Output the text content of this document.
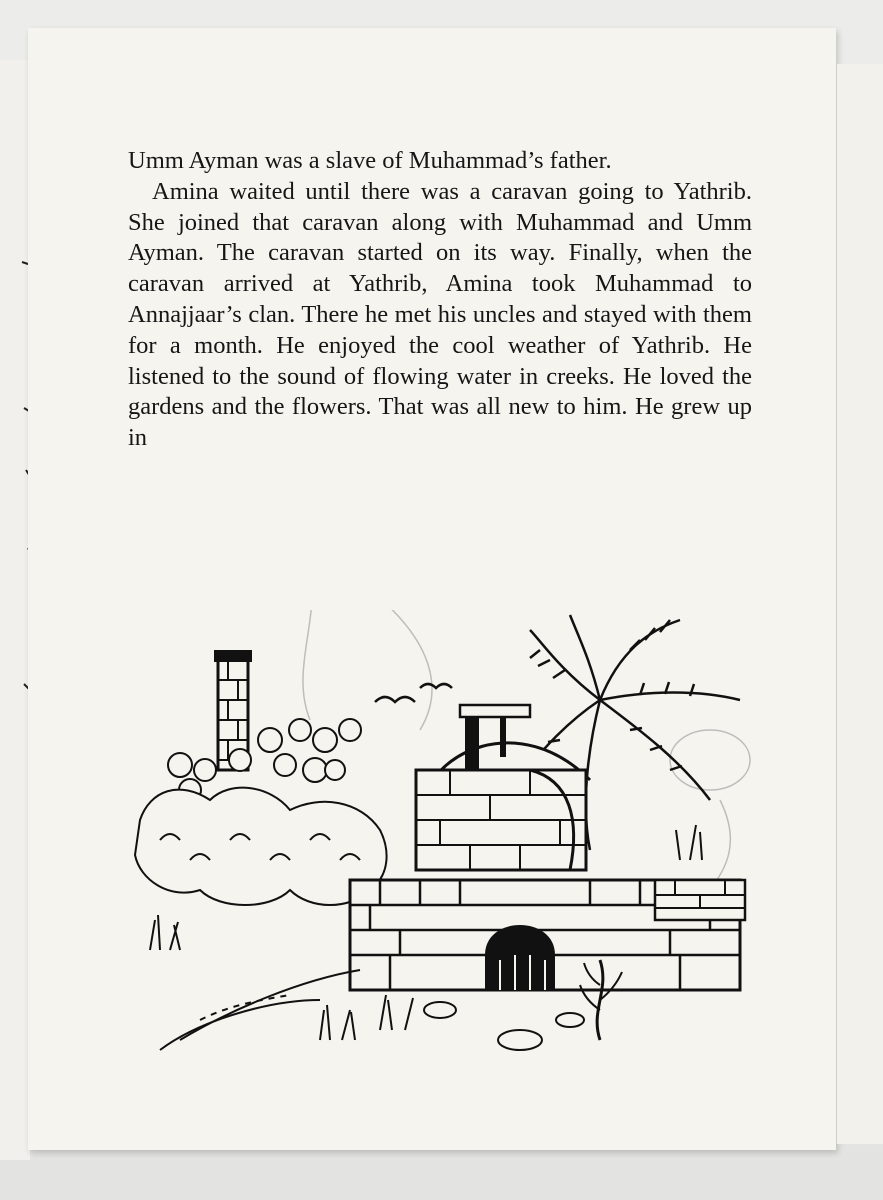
Umm Ayman was a slave of Muhammad’s father.

Amina waited until there was a caravan going to Yathrib. She joined that caravan along with Muhammad and Umm Ayman. The caravan started on its way. Finally, when the caravan arrived at Yathrib, Amina took Muhammad to Annajjaar’s clan. There he met his uncles and stayed with them for a month. He enjoyed the cool weather of Yathrib. He listened to the sound of flowing water in creeks. He loved the gardens and the flowers. That was all new to him. He grew up in
